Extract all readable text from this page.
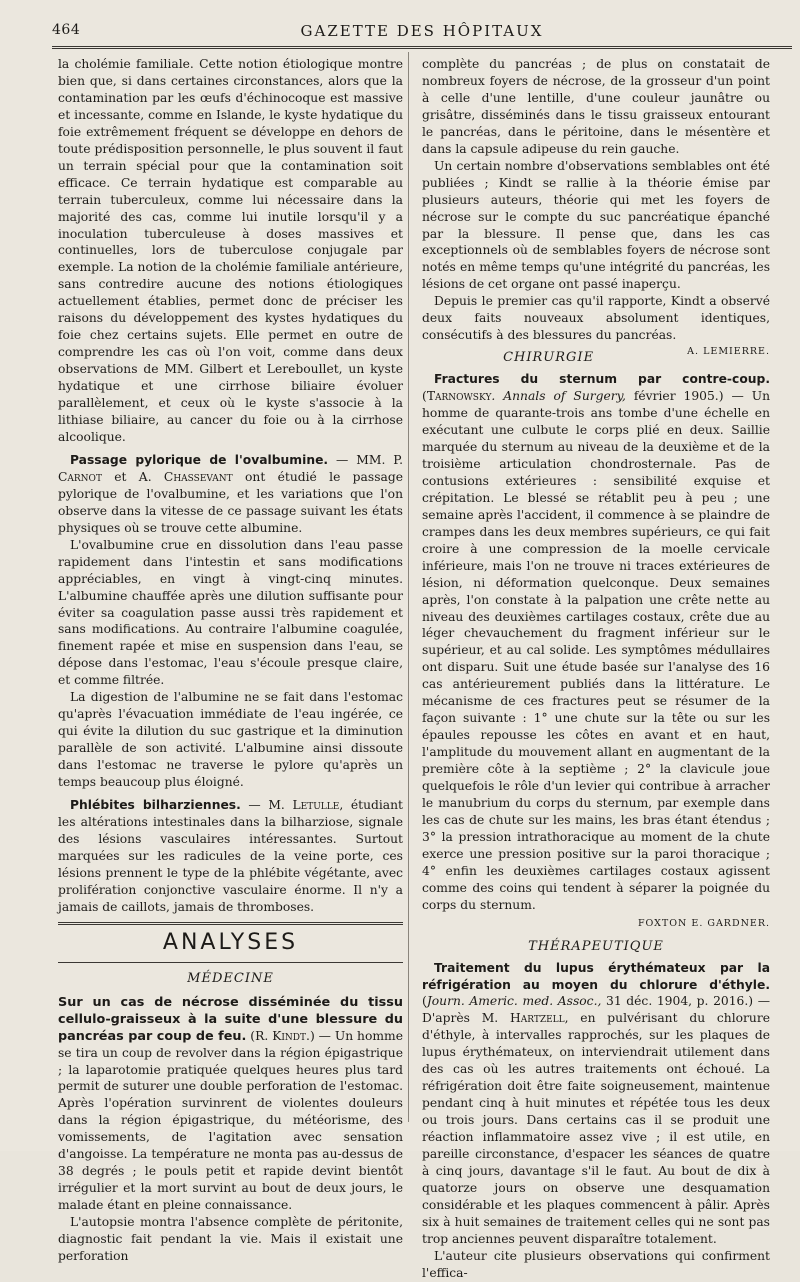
464	GAZETTE DES HÔPITAUX

la cholémie familiale. Cette notion étiologique montre bien que, si dans certaines circonstances, alors que la contamination par les œufs d'échinocoque est massive et incessante, comme en Islande, le kyste hydatique du foie extrêmement fréquent se développe en dehors de toute prédisposition personnelle, le plus souvent il faut un terrain spécial pour que la contamination soit efficace. Ce terrain hydatique est comparable au terrain tuberculeux, comme lui nécessaire dans la majorité des cas, comme lui inutile lorsqu'il y a inoculation tuberculeuse à doses massives et continuelles, lors de tuberculose conjugale par exemple. La notion de la cholémie familiale antérieure, sans contredire aucune des notions étiologiques actuellement établies, permet donc de préciser les raisons du développement des kystes hydatiques du foie chez certains sujets. Elle permet en outre de comprendre les cas où l'on voit, comme dans deux observations de MM. Gilbert et Lereboullet, un kyste hydatique et une cirrhose biliaire évoluer parallèlement, et ceux où le kyste s'associe à la lithiase biliaire, au cancer du foie ou à la cirrhose alcoolique.

Passage pylorique de l'ovalbumine. — MM. P. Carnot et A. Chassevant ont étudié le passage pylorique de l'ovalbumine, et les variations que l'on observe dans la vitesse de ce passage suivant les états physiques où se trouve cette albumine.

L'ovalbumine crue en dissolution dans l'eau passe rapidement dans l'intestin et sans modifications appréciables, en vingt à vingt-cinq minutes. L'albumine chauffée après une dilution suffisante pour éviter sa coagulation passe aussi très rapidement et sans modifications. Au contraire l'albumine coagulée, finement rapée et mise en suspension dans l'eau, se dépose dans l'estomac, l'eau s'écoule presque claire, et comme filtrée.

La digestion de l'albumine ne se fait dans l'estomac qu'après l'évacuation immédiate de l'eau ingérée, ce qui évite la dilution du suc gastrique et la diminution parallèle de son activité. L'albumine ainsi dissoute dans l'estomac ne traverse le pylore qu'après un temps beaucoup plus éloigné.

Phlébites bilharziennes. — M. Letulle, étudiant les altérations intestinales dans la bilharziose, signale des lésions vasculaires intéressantes. Surtout marquées sur les radicules de la veine porte, ces lésions prennent le type de la phlébite végétante, avec prolifération conjonctive vasculaire énorme. Il n'y a jamais de caillots, jamais de thromboses.

ANALYSES
MÉDECINE

Sur un cas de nécrose disséminée du tissu cellulo-graisseux à la suite d'une blessure du pancréas par coup de feu. (R. Kindt.) — Un homme se tira un coup de revolver dans la région épigastrique ; la laparotomie pratiquée quelques heures plus tard permit de suturer une double perforation de l'estomac. Après l'opération survinrent de violentes douleurs dans la région épigastrique, du météorisme, des vomissements, de l'agitation avec sensation d'angoisse. La température ne monta pas au-dessus de 38 degrés ; le pouls petit et rapide devint bientôt irrégulier et la mort survint au bout de deux jours, le malade étant en pleine connaissance.

L'autopsie montra l'absence complète de péritonite, diagnostic fait pendant la vie. Mais il existait une perforation

complète du pancréas ; de plus on constatait de nombreux foyers de nécrose, de la grosseur d'un point à celle d'une lentille, d'une couleur jaunâtre ou grisâtre, disséminés dans le tissu graisseux entourant le pancréas, dans le péritoine, dans le mésentère et dans la capsule adipeuse du rein gauche.

Un certain nombre d'observations semblables ont été publiées ; Kindt se rallie à la théorie émise par plusieurs auteurs, théorie qui met les foyers de nécrose sur le compte du suc pancréatique épanché par la blessure. Il pense que, dans les cas exceptionnels où de semblables foyers de nécrose sont notés en même temps qu'une intégrité du pancréas, les lésions de cet organe ont passé inaperçu.

Depuis le premier cas qu'il rapporte, Kindt a observé deux faits nouveaux absolument identiques, consécutifs à des blessures du pancréas.
A. LEMIERRE.

CHIRURGIE

Fractures du sternum par contre-coup. (Tarnowsky. Annals of Surgery, février 1905.) — Un homme de quarante-trois ans tombe d'une échelle en exécutant une culbute le corps plié en deux. Saillie marquée du sternum au niveau de la deuxième et de la troisième articulation chondrosternale. Pas de contusions extérieures : sensibilité exquise et crépitation. Le blessé se rétablit peu à peu ; une semaine après l'accident, il commence à se plaindre de crampes dans les deux membres supérieurs, ce qui fait croire à une compression de la moelle cervicale inférieure, mais l'on ne trouve ni traces extérieures de lésion, ni déformation quelconque. Deux semaines après, l'on constate à la palpation une crête nette au niveau des deuxièmes cartilages costaux, crête due au léger chevauchement du fragment inférieur sur le supérieur, et au cal solide. Les symptômes médullaires ont disparu. Suit une étude basée sur l'analyse des 16 cas antérieurement publiés dans la littérature. Le mécanisme de ces fractures peut se résumer de la façon suivante : 1° une chute sur la tête ou sur les épaules repousse les côtes en avant et en haut, l'amplitude du mouvement allant en augmentant de la première côte à la septième ; 2° la clavicule joue quelquefois le rôle d'un levier qui contribue à arracher le manubrium du corps du sternum, par exemple dans les cas de chute sur les mains, les bras étant étendus ; 3° la pression intrathoracique au moment de la chute exerce une pression positive sur la paroi thoracique ; 4° enfin les deuxièmes cartilages costaux agissent comme des coins qui tendent à séparer la poignée du corps du sternum.

FOXTON E. GARDNER.
THÉRAPEUTIQUE

Traitement du lupus érythémateux par la réfrigération au moyen du chlorure d'éthyle. (Journ. Americ. med. Assoc., 31 déc. 1904, p. 2016.) — D'après M. Hartzell, en pulvérisant du chlorure d'éthyle, à intervalles rapprochés, sur les plaques de lupus érythémateux, on interviendrait utilement dans des cas où les autres traitements ont échoué. La réfrigération doit être faite soigneusement, maintenue pendant cinq à huit minutes et répétée tous les deux ou trois jours. Dans certains cas il se produit une réaction inflammatoire assez vive ; il est utile, en pareille circonstance, d'espacer les séances de quatre à cinq jours, davantage s'il le faut. Au bout de dix à quatorze jours on observe une desquamation considérable et les plaques commencent à pâlir. Après six à huit semaines de traitement celles qui ne sont pas trop anciennes peuvent disparaître totalement.

L'auteur cite plusieurs observations qui confirment l'effica-
